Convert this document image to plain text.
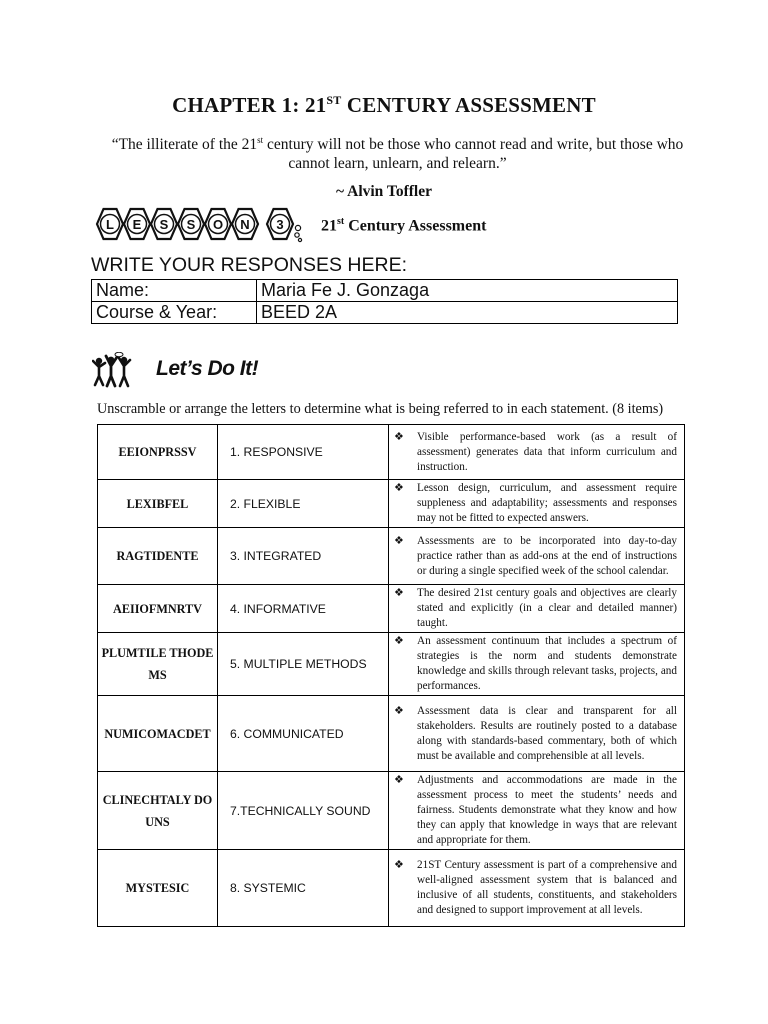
CHAPTER 1: 21ST CENTURY ASSESSMENT
“The illiterate of the 21st century will not be those who cannot read and write, but those who cannot learn, unlearn, and relearn.”
~ Alvin Toffler
L E S S O N 3 21st Century Assessment
WRITE YOUR RESPONSES HERE:
Name:	Maria Fe J. Gonzaga
Course & Year:	BEED 2A
Let’s Do It!
Unscramble or arrange the letters to determine what is being referred to in each statement. (8 items)
EEIONPRSSV	1. RESPONSIVE	❖ Visible performance-based work (as a result of assessment) generates data that inform curriculum and instruction.

LEXIBFEL	2. FLEXIBLE	❖ Lesson design, curriculum, and assessment require suppleness and adaptability; assessments and responses may not be fitted to expected answers.

RAGTIDENTE	3. INTEGRATED	❖ Assessments are to be incorporated into day-to-day practice rather than as add-ons at the end of instructions or during a single specified week of the school calendar.

AEIIOFMNRTV	4. INFORMATIVE	❖ The desired 21st century goals and objectives are clearly stated and explicitly (in a clear and detailed manner) taught.

PLUMTILE THODEMS	5. MULTIPLE METHODS	❖ An assessment continuum that includes a spectrum of strategies is the norm and students demonstrate knowledge and skills through relevant tasks, projects, and performances.

NUMICOMACDET	6. COMMUNICATED	❖ Assessment data is clear and transparent for all stakeholders. Results are routinely posted to a database along with standards-based commentary, both of which must be available and comprehensible at all levels.

CLINECHTALY DOUNS	7.TECHNICALLY SOUND	❖ Adjustments and accommodations are made in the assessment process to meet the students’ needs and fairness. Students demonstrate what they know and how they can apply that knowledge in ways that are relevant and appropriate for them.

MYSTESIC	8. SYSTEMIC	❖ 21ST Century assessment is part of a comprehensive and well-aligned assessment system that is balanced and inclusive of all students, constituents, and stakeholders and designed to support improvement at all levels.
